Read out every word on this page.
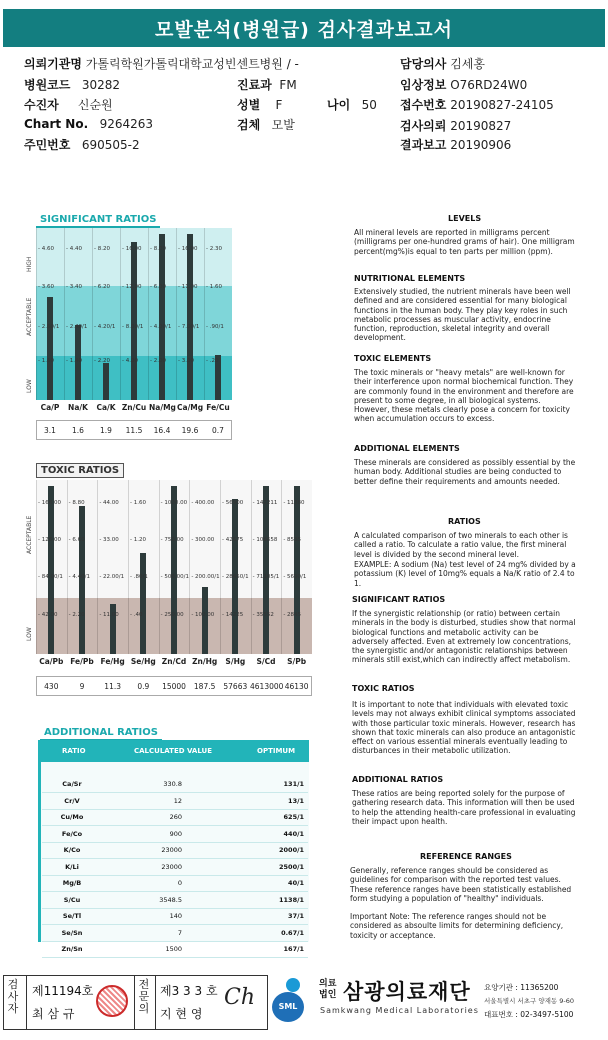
모발분석(병원급) 검사결과보고서
의뢰기관명 가톨릭학원가톨릭대학교성빈센트병원 / -
병원코드 30282	진료과 FM
수진자 신순원	성별 F	나이 50
Chart No. 9264263	검체 모발
주민번호 690505-2
담당의사 김세홍
임상정보 O76RD24W0
접수번호 20190827-24105
검사의뢰 20190827
결과보고 20190906
SIGNIFICANT RATIOS
HIGH
ACCEPTABLE
LOW
- 4.60
- 3.60
- 2.60/1
- 1.60
Ca/P
3.1
- 4.40
- 3.40
- 2.40/1
- 1.40
Na/K
1.6
- 8.20
- 6.20
- 4.20/1
- 2.20
Ca/K
1.9
- 16.00
- 12.00
- 8.00/1
- 4.00
Zn/Cu
11.5
- 8.00
- 6.00
- 4.00/1
- 2.00
Na/Mg
16.4
- 16.00
- 11.00
- 7.00/1
- 3.00
Ca/Mg
19.6
- 2.30
- 1.60
- .90/1
- .20
Fe/Cu
0.7
TOXIC RATIOS
ACCEPTABLE
LOW
- 168.00
- 126.00
- 84.00/1
- 42.00
Ca/Pb
430
- 8.80
- 6.60
- 4.40/1
- 2.20
Fe/Pb
9
- 44.00
- 33.00
- 22.00/1
- 11.00
Fe/Hg
11.3
- 1.60
- 1.20
- .80/1
- .40
Se/Hg
0.9
- 1000.00
- 750.00
- 500.00/1
- 250.00
Zn/Cd
15000
- 400.00
- 300.00
- 200.00/1
- 100.00
Zn/Hg
187.5
- 56900
- 42675
- 28450/1
- 14225
S/Hg
57663
- 142211
- 106658
- 71105/1
- 35552
S/Cd
4613000
- 11380
- 8535
- 5690/1
- 2845
S/Pb
46130
ADDITIONAL RATIOS
RATIO	CALCULATED VALUE	OPTIMUM
Ca/Sr	330.8		131/1
Cr/V	12		13/1
Cu/Mo	260		625/1
Fe/Co	900		440/1
K/Co	23000		2000/1
K/Li	23000		2500/1
Mg/B	0		40/1
S/Cu	3548.5		1138/1
Se/Tl	140		37/1
Se/Sn	7		0.67/1
Zn/Sn	1500		167/1
LEVELS
All mineral levels are reported in milligrams percent (milligrams per one-hundred grams of hair). One milligram percent(mg%)is equal to ten parts per million (ppm).
NUTRITIONAL ELEMENTS
Extensively studied, the nutrient minerals have been well defined and are considered essential for many biological functions in the human body. They play key roles in such metabolic processes as muscular activity, endocrine function, reproduction, skeletal integrity and overall development.
TOXIC ELEMENTS
The toxic minerals or "heavy metals" are well-known for their interference upon normal biochemical function. They are commonly found in the environment and therefore are present to some degree, in all biological systems. However, these metals clearly pose a concern for toxicity when accumulation occurs to excess.
ADDITIONAL ELEMENTS
These minerals are considered as possibly essential by the human body. Additional studies are being conducted to better define their requirements and amounts needed.
RATIOS
A calculated comparison of two minerals to each other is called a ratio. To calculate a ratio value, the first mineral level is divided by the second mineral level.
EXAMPLE: A sodium (Na) test level of 24 mg% divided by a potassium (K) level of 10mg% equals a Na/K ratio of 2.4 to 1.
SIGNIFICANT RATIOS
If the synergistic relationship (or ratio) between certain minerals in the body is disturbed, studies show that normal biological functions and metabolic activity can be adversely affected. Even at extremely low concentrations, the synergistic and/or antagonistic relationships between minerals still exist,which can indirectly affect metabolism.
TOXIC RATIOS
It is important to note that individuals with elevated toxic levels may not always exhibit clinical symptoms associated with those particular toxic minerals. However, research has shown that toxic minerals can also produce an antagonistic effect on various essential minerals eventually leading to disturbances in their metabolic utilization.
ADDITIONAL RATIOS
These ratios are being reported solely for the purpose of gathering research data. This information will then be used to help the attending health-care professional in evaluating their impact upon health.
REFERENCE RANGES
Generally, reference ranges should be considered as guidelines for comparison with the reported test values. These reference ranges have been statistically established form studying a population of "healthy" individuals.
Important Note: The reference ranges should not be considered as absoulte limits for determining deficiency, toxicity or acceptance.
검사자
제11194호
최 삼 규
전문의
제3 3 3 호
지 현 영
Ch	SML
의료
법인 삼광의료재단
Samkwang Medical Laboratories
요양기관 : 11365200
서울특별시 서초구 양재동 9-60
대표번호 : 02-3497-5100
